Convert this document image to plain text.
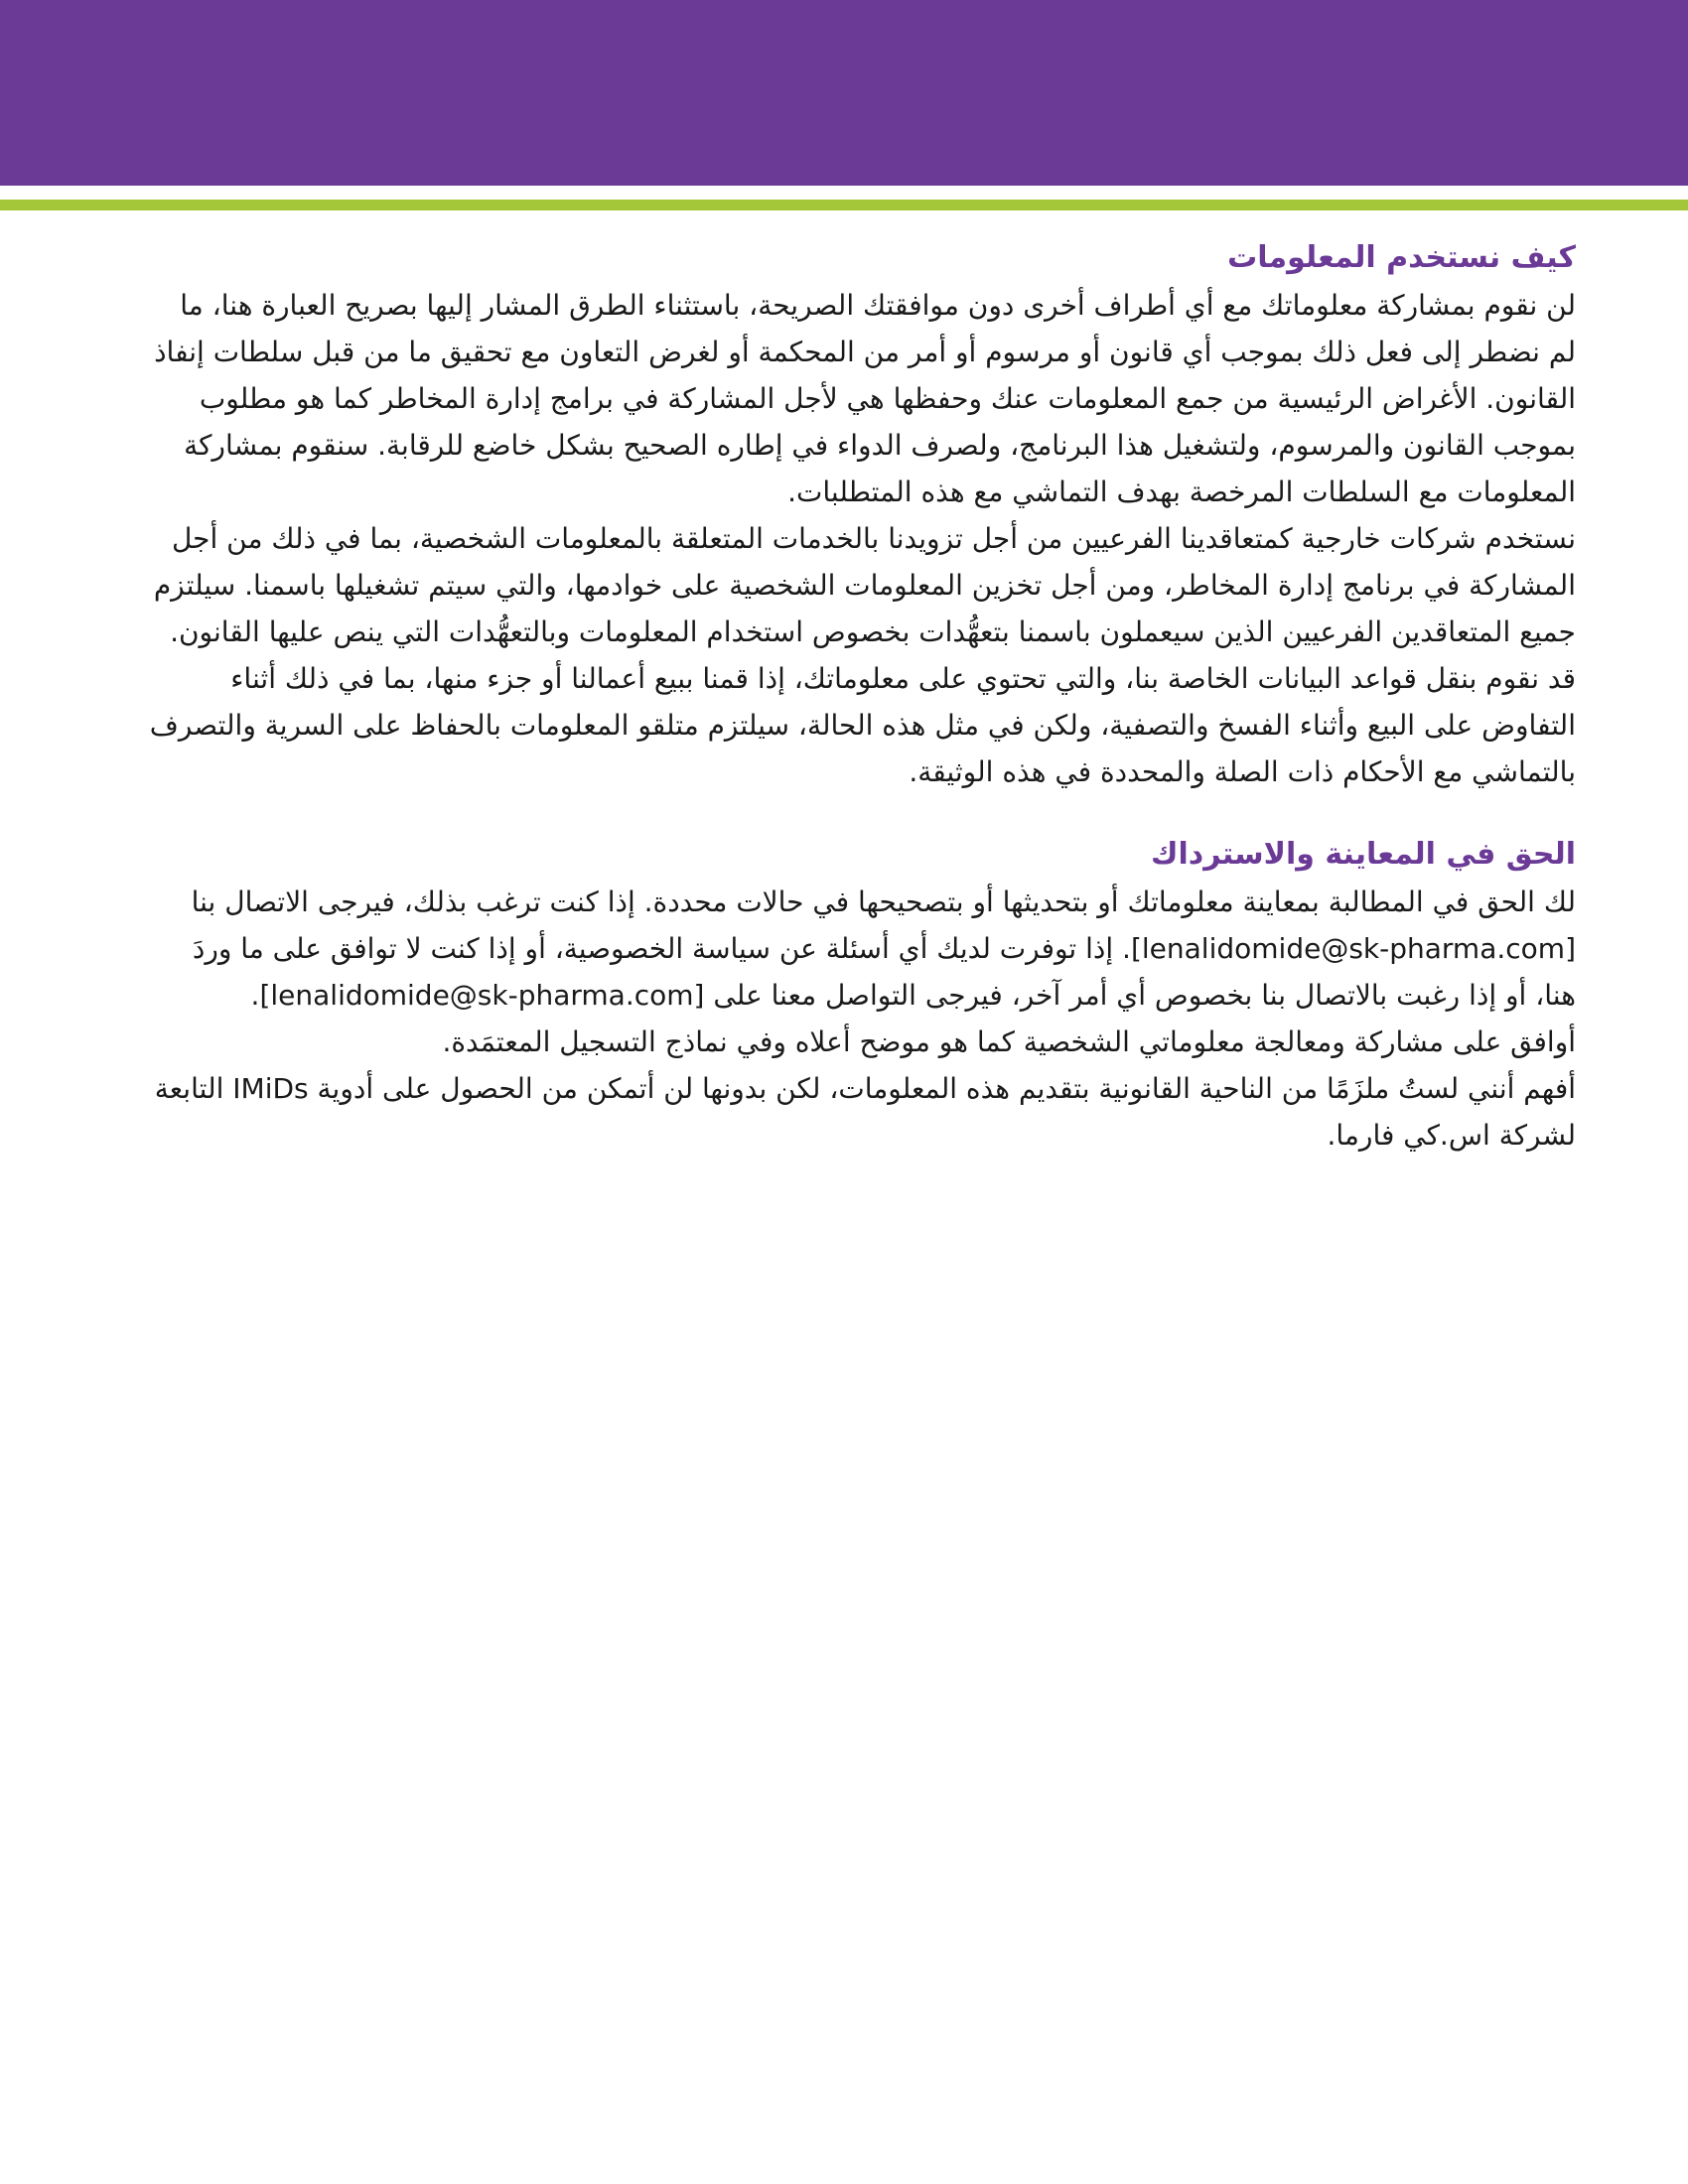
كيف نستخدم المعلومات

لن نقوم بمشاركة معلوماتك مع أي أطراف أخرى دون موافقتك الصريحة، باستثناء الطرق المشار إليها بصريح العبارة هنا، ما لم نضطر إلى فعل ذلك بموجب أي قانون أو مرسوم أو أمر من المحكمة أو لغرض التعاون مع تحقيق ما من قبل سلطات إنفاذ القانون. الأغراض الرئيسية من جمع المعلومات عنك وحفظها هي لأجل المشاركة في برامج إدارة المخاطر كما هو مطلوب بموجب القانون والمرسوم، ولتشغيل هذا البرنامج، ولصرف الدواء في إطاره الصحيح بشكل خاضع للرقابة. سنقوم بمشاركة المعلومات مع السلطات المرخصة بهدف التماشي مع هذه المتطلبات.

نستخدم شركات خارجية كمتعاقدينا الفرعيين من أجل تزويدنا بالخدمات المتعلقة بالمعلومات الشخصية، بما في ذلك من أجل المشاركة في برنامج إدارة المخاطر، ومن أجل تخزين المعلومات الشخصية على خوادمها، والتي سيتم تشغيلها باسمنا. سيلتزم جميع المتعاقدين الفرعيين الذين سيعملون باسمنا بتعهُّدات بخصوص استخدام المعلومات وبالتعهُّدات التي ينص عليها القانون. قد نقوم بنقل قواعد البيانات الخاصة بنا، والتي تحتوي على معلوماتك، إذا قمنا ببيع أعمالنا أو جزء منها، بما في ذلك أثناء التفاوض على البيع وأثناء الفسخ والتصفية، ولكن في مثل هذه الحالة، سيلتزم متلقو المعلومات بالحفاظ على السرية والتصرف بالتماشي مع الأحكام ذات الصلة والمحددة في هذه الوثيقة.

الحق في المعاينة والاسترداك

لك الحق في المطالبة بمعاينة معلوماتك أو بتحديثها أو بتصحيحها في حالات محددة. إذا كنت ترغب بذلك، فيرجى الاتصال بنا [lenalidomide@sk-pharma.com]. إذا توفرت لديك أي أسئلة عن سياسة الخصوصية، أو إذا كنت لا توافق على ما وردَ هنا، أو إذا رغبت بالاتصال بنا بخصوص أي أمر آخر، فيرجى التواصل معنا على [lenalidomide@sk-pharma.com].

أوافق على مشاركة ومعالجة معلوماتي الشخصية كما هو موضح أعلاه وفي نماذج التسجيل المعتمَدة.

أفهم أنني لستُ ملزَمًا من الناحية القانونية بتقديم هذه المعلومات، لكن بدونها لن أتمكن من الحصول على أدوية IMiDs التابعة لشركة اس.كي فارما.
